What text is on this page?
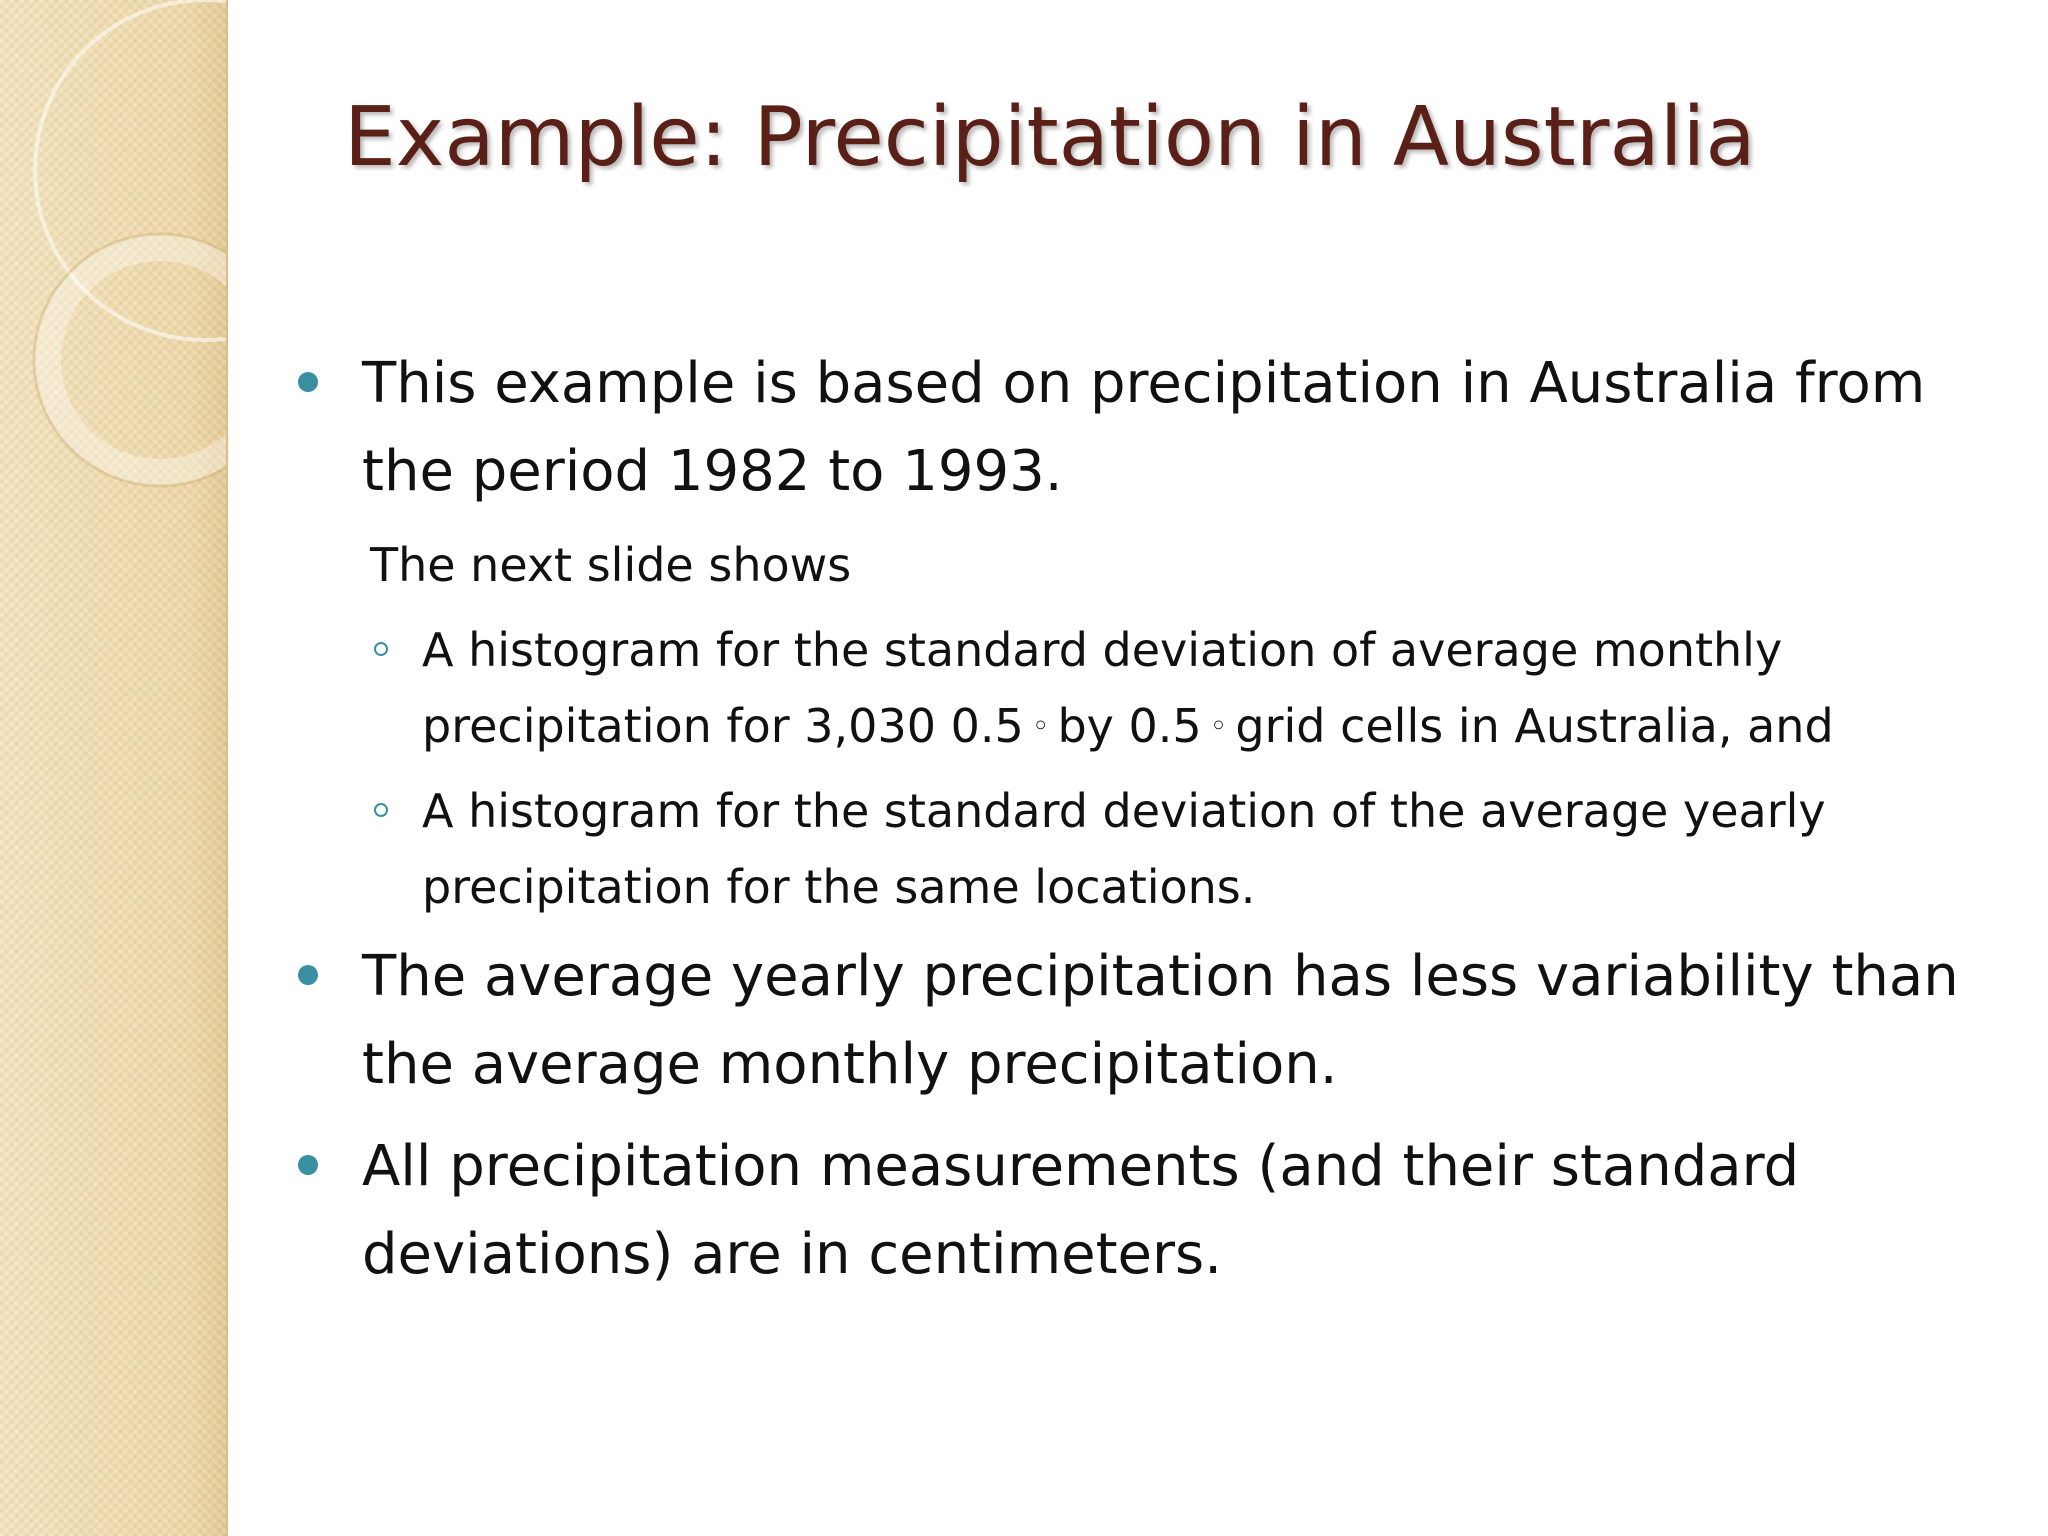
Example: Precipitation in Australia
This example is based on precipitation in Australia from the period 1982 to 1993.
The next slide shows
A histogram for the standard deviation of average monthly precipitation for 3,030 0.5 ◦ by 0.5 ◦ grid cells in Australia, and
A histogram for the standard deviation of the average yearly precipitation for the same locations.
The average yearly precipitation has less variability than the average monthly precipitation.
All precipitation measurements (and their standard deviations) are in centimeters.
